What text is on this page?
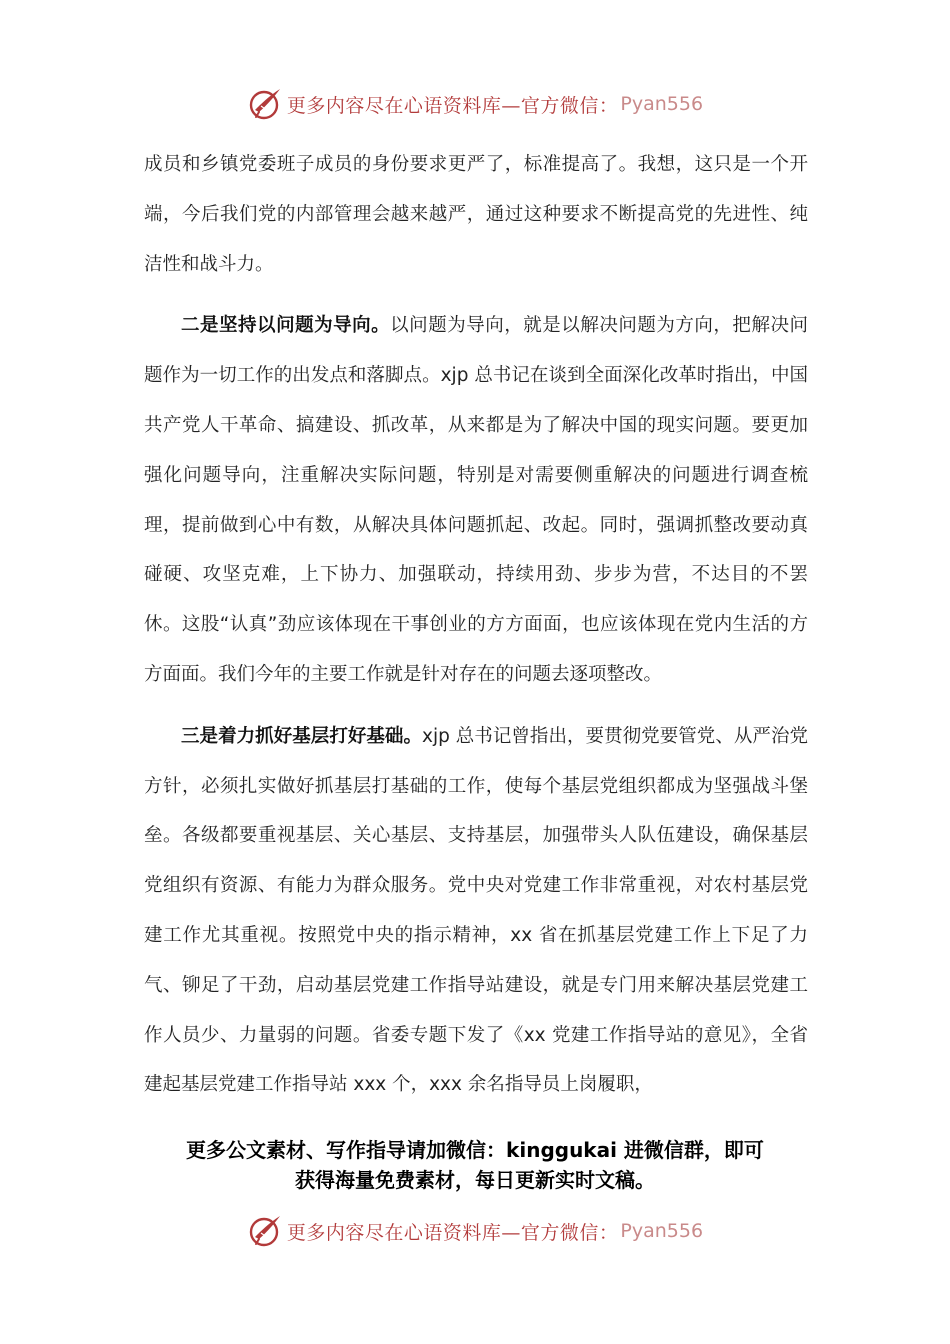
更多内容尽在心语资料库—官方微信： Pyan556

成员和乡镇党委班子成员的身份要求更严了，标准提高了。我想，这只是一个开端，今后我们党的内部管理会越来越严，通过这种要求不断提高党的先进性、纯洁性和战斗力。

二是坚持以问题为导向。以问题为导向，就是以解决问题为方向，把解决问题作为一切工作的出发点和落脚点。xjp 总书记在谈到全面深化改革时指出，中国共产党人干革命、搞建设、抓改革，从来都是为了解决中国的现实问题。要更加强化问题导向，注重解决实际问题，特别是对需要侧重解决的问题进行调查梳理，提前做到心中有数，从解决具体问题抓起、改起。同时，强调抓整改要动真碰硬、攻坚克难，上下协力、加强联动，持续用劲、步步为营，不达目的不罢休。这股“认真”劲应该体现在干事创业的方方面面，也应该体现在党内生活的方方面面。我们今年的主要工作就是针对存在的问题去逐项整改。

三是着力抓好基层打好基础。xjp 总书记曾指出，要贯彻党要管党、从严治党方针，必须扎实做好抓基层打基础的工作，使每个基层党组织都成为坚强战斗堡垒。各级都要重视基层、关心基层、支持基层，加强带头人队伍建设，确保基层党组织有资源、有能力为群众服务。党中央对党建工作非常重视，对农村基层党建工作尤其重视。按照党中央的指示精神，xx 省在抓基层党建工作上下足了力气、铆足了干劲，启动基层党建工作指导站建设，就是专门用来解决基层党建工作人员少、力量弱的问题。省委专题下发了《xx 党建工作指导站的意见》，全省建起基层党建工作指导站 xxx 个，xxx 余名指导员上岗履职，

更多公文素材、写作指导请加微信：kinggukai 进微信群，即可
获得海量免费素材，每日更新实时文稿。
更多内容尽在心语资料库—官方微信： Pyan556
